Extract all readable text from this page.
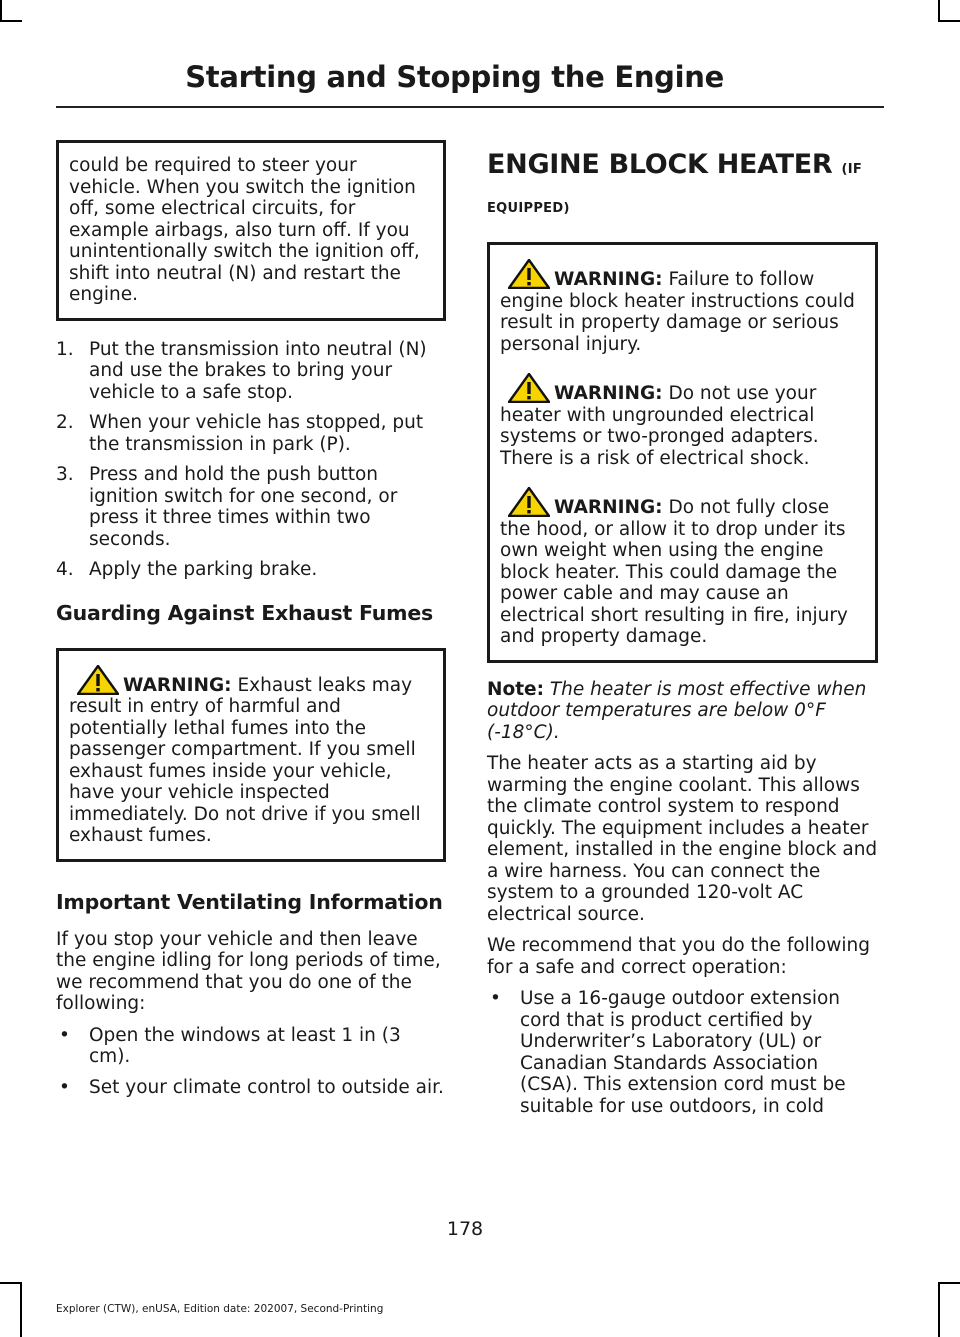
Starting and Stopping the Engine

could be required to steer your vehicle. When you switch the ignition off, some electrical circuits, for example airbags, also turn off. If you unintentionally switch the ignition off, shift into neutral (N) and restart the engine.

1. Put the transmission into neutral (N) and use the brakes to bring your vehicle to a safe stop.
2. When your vehicle has stopped, put the transmission in park (P).
3. Press and hold the push button ignition switch for one second, or press it three times within two seconds.
4. Apply the parking brake.
Guarding Against Exhaust Fumes

WARNING: Exhaust leaks may result in entry of harmful and potentially lethal fumes into the passenger compartment. If you smell exhaust fumes inside your vehicle, have your vehicle inspected immediately. Do not drive if you smell exhaust fumes.

Important Ventilating Information

If you stop your vehicle and then leave the engine idling for long periods of time, we recommend that you do one of the following:

• Open the windows at least 1 in (3 cm).
• Set your climate control to outside air.
ENGINE BLOCK HEATER (IF EQUIPPED)

WARNING: Failure to follow engine block heater instructions could result in property damage or serious personal injury.

WARNING: Do not use your heater with ungrounded electrical systems or two-pronged adapters. There is a risk of electrical shock.

WARNING: Do not fully close the hood, or allow it to drop under its own weight when using the engine block heater. This could damage the power cable and may cause an electrical short resulting in fire, injury and property damage.

Note: The heater is most effective when outdoor temperatures are below 0°F (-18°C).

The heater acts as a starting aid by warming the engine coolant. This allows the climate control system to respond quickly. The equipment includes a heater element, installed in the engine block and a wire harness. You can connect the system to a grounded 120-volt AC electrical source.

We recommend that you do the following for a safe and correct operation:

• Use a 16-gauge outdoor extension cord that is product certified by Underwriter’s Laboratory (UL) or Canadian Standards Association (CSA). This extension cord must be suitable for use outdoors, in cold
178
Explorer (CTW), enUSA, Edition date: 202007, Second-Printing
